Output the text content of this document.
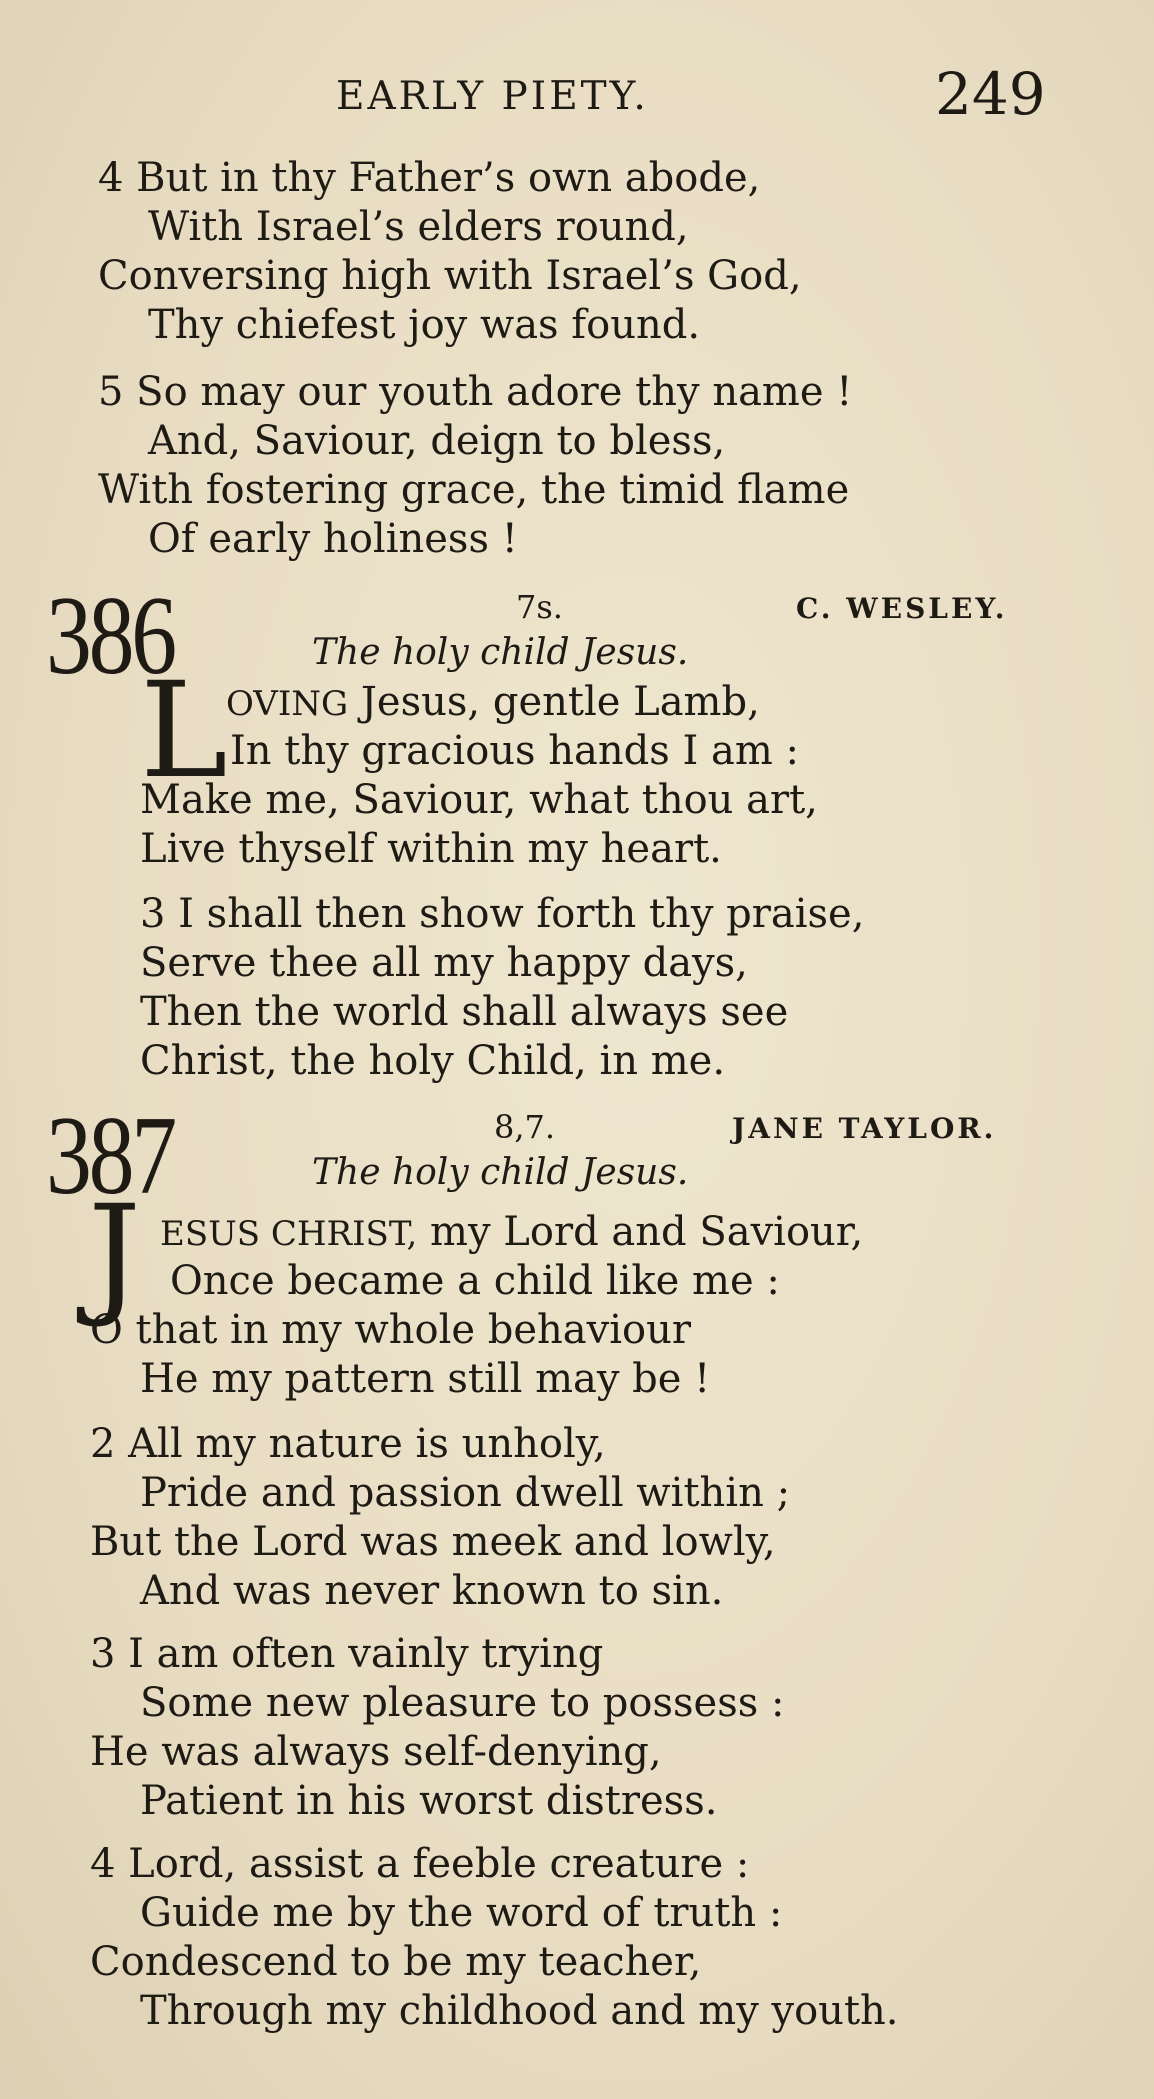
EARLY PIETY.	249
4 But in thy Father’s own abode,
With Israel’s elders round,
Conversing high with Israel’s God,
Thy chiefest joy was found.
5 So may our youth adore thy name !
And, Saviour, deign to bless,
With fostering grace, the timid flame
Of early holiness !
386	7s.	C. WESLEY.
The holy child Jesus.
L
OVING Jesus, gentle Lamb,
In thy gracious hands I am :
Make me, Saviour, what thou art,
Live thyself within my heart.
3 I shall then show forth thy praise,
Serve thee all my happy days,
Then the world shall always see
Christ, the holy Child, in me.
387	8,7.	JANE TAYLOR.
The holy child Jesus.
J ESUS CHRIST, my Lord and Saviour,
Once became a child like me :
O that in my whole behaviour
He my pattern still may be !
2 All my nature is unholy,
Pride and passion dwell within ;
But the Lord was meek and lowly,
And was never known to sin.
3 I am often vainly trying
Some new pleasure to possess :
He was always self-denying,
Patient in his worst distress.
4 Lord, assist a feeble creature :
Guide me by the word of truth :
Condescend to be my teacher,
Through my childhood and my youth.
